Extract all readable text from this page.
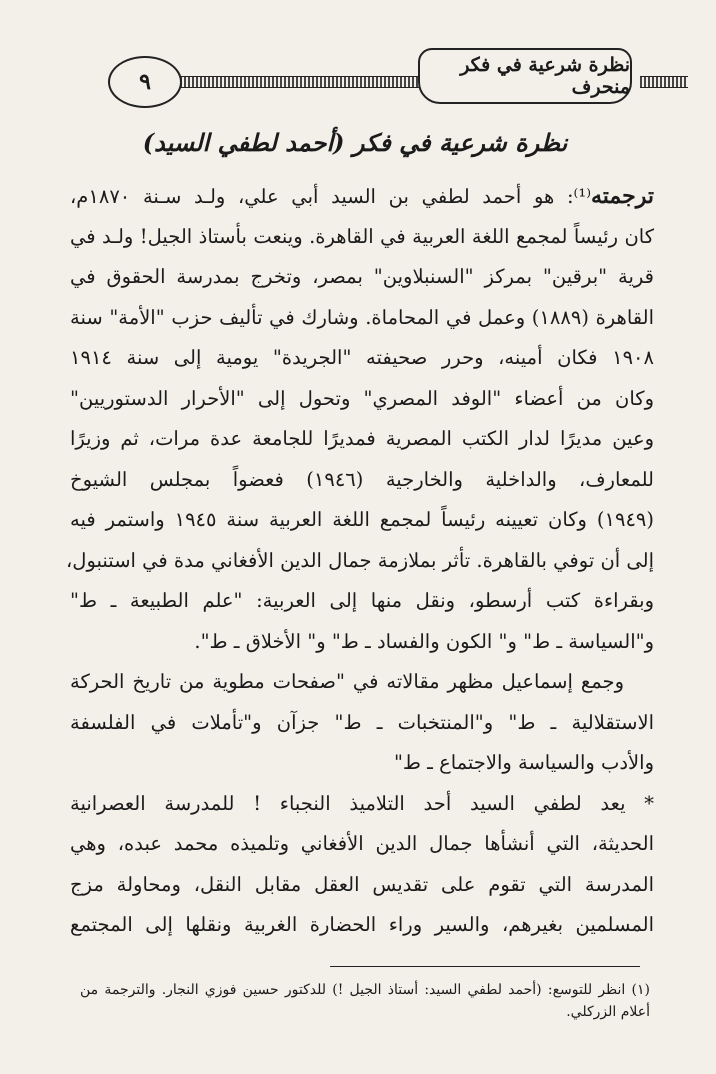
٩
نظرة شرعية في فكر منحرف
نظرة شرعية في فكر (أحمد لطفي السيد)
ترجمته⁽¹⁾: هو أحمد لطفي بن السيد أبي علي، ولـد سـنة ١٨٧٠م،
كان رئيساً لمجمع اللغة العربية في القاهرة. وينعت بأستاذ الجيل! ولـد في
قرية "برقين" بمركز "السنبلاوين" بمصر، وتخرج بمدرسة الحقوق في
القاهرة (١٨٨٩) وعمل في المحاماة. وشارك في تأليف حزب "الأمة" سنة
١٩٠٨ فكان أمينه، وحرر صحيفته "الجريدة" يومية إلى سنة ١٩١٤
وكان من أعضاء "الوفد المصري" وتحول إلى "الأحرار الدستوريين"
وعين مديرًا لدار الكتب المصرية فمديرًا للجامعة عدة مرات، ثم وزيرًا
للمعارف، والداخلية والخارجية (١٩٤٦) فعضواً بمجلس الشيوخ
(١٩٤٩) وكان تعيينه رئيساً لمجمع اللغة العربية سنة ١٩٤٥ واستمر فيه
إلى أن توفي بالقاهرة. تأثر بملازمة جمال الدين الأفغاني مدة في استنبول،
وبقراءة كتب أرسطو، ونقل منها إلى العربية: "علم الطبيعة ـ ط"
و"السياسة ـ ط" و" الكون والفساد ـ ط" و" الأخلاق ـ ط".
وجمع إسماعيل مظهر مقالاته في "صفحات مطوية من تاريخ الحركة
الاستقلالية ـ ط" و"المنتخبات ـ ط" جزآن و"تأملات في الفلسفة
والأدب والسياسة والاجتماع ـ ط"
* يعد لطفي السيد أحد التلاميذ النجباء ! للمدرسة العصرانية
الحديثة، التي أنشأها جمال الدين الأفغاني وتلميذه محمد عبده، وهي
المدرسة التي تقوم على تقديس العقل مقابل النقل، ومحاولة مزج
المسلمين بغيرهم، والسير وراء الحضارة الغربية ونقلها إلى المجتمع
(١) انظر للتوسع: (أحمد لطفي السيد: أستاذ الجيل !) للدكتور حسين فوزي النجار. والترجمة من
أعلام الزركلي.
